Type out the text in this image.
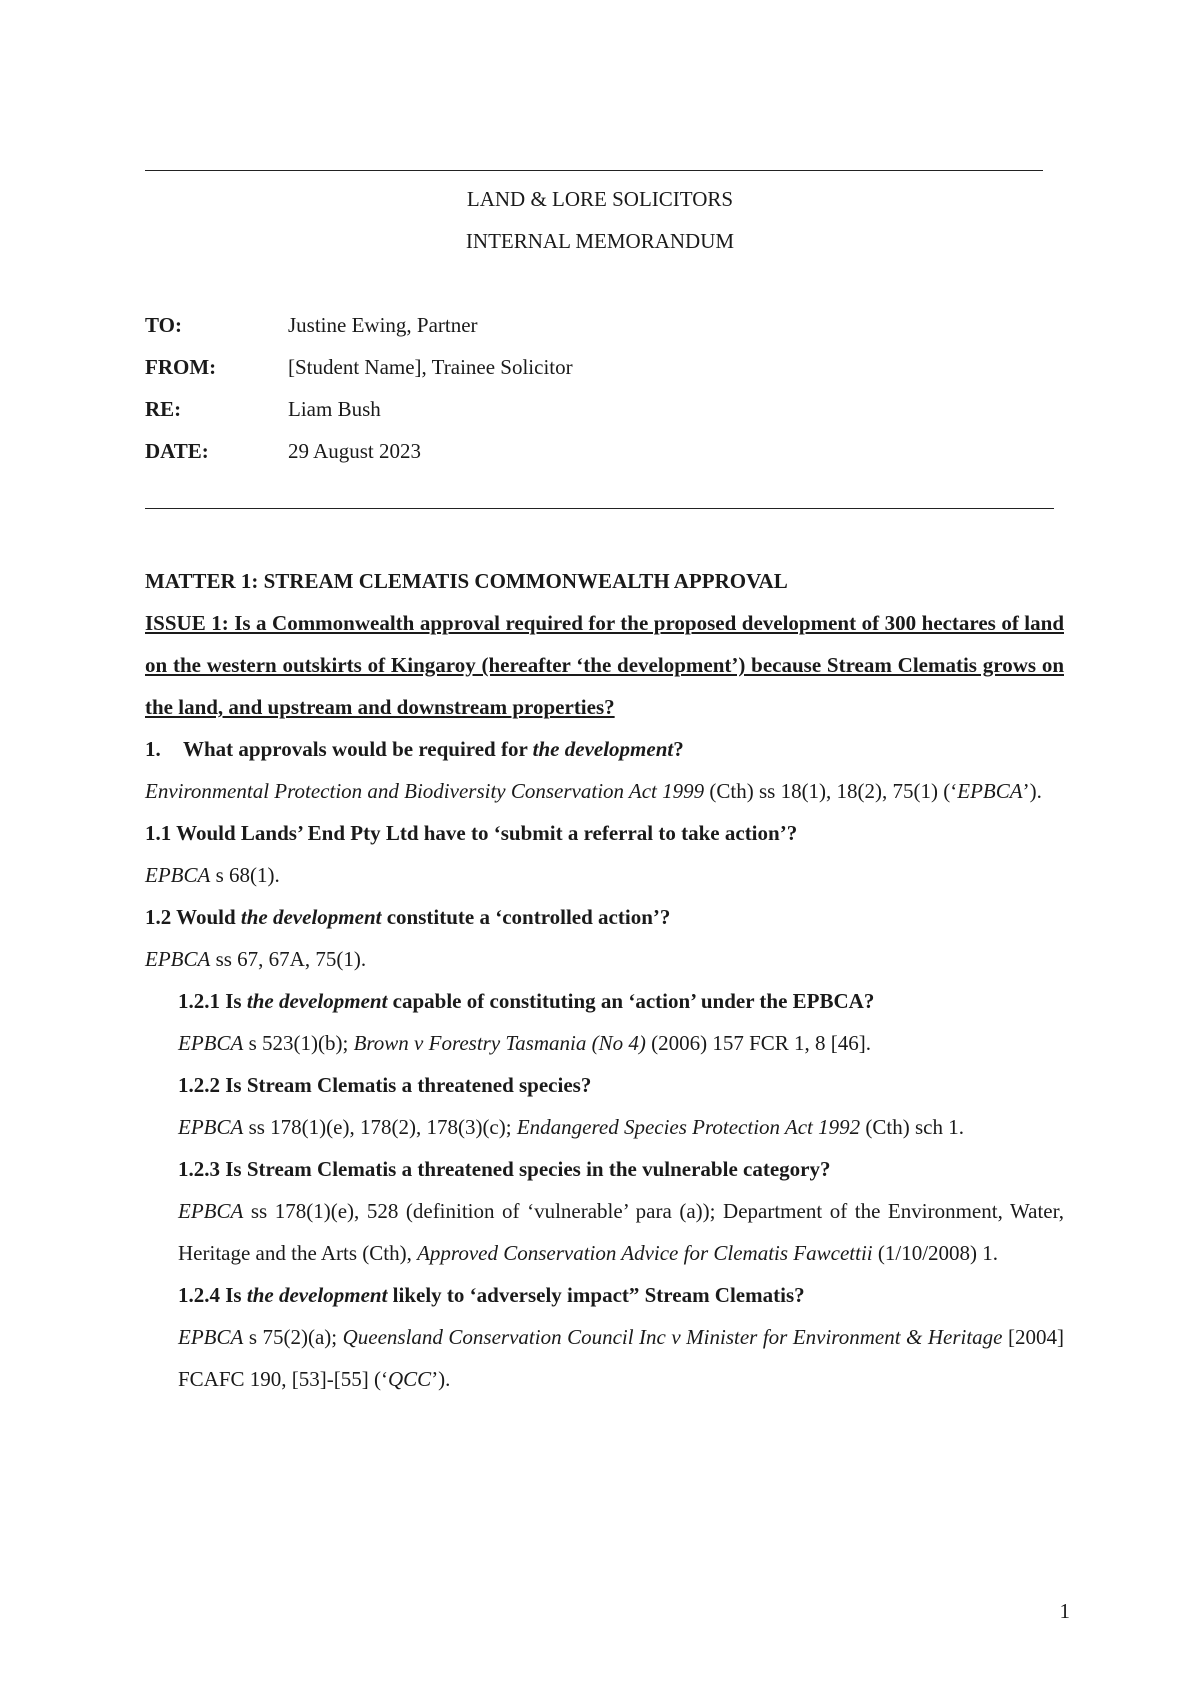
LAND & LORE SOLICITORS
INTERNAL MEMORANDUM
TO:	Justine Ewing, Partner
FROM:	[Student Name], Trainee Solicitor
RE:	Liam Bush
DATE:	29 August 2023

MATTER 1: STREAM CLEMATIS COMMONWEALTH APPROVAL

ISSUE 1: Is a Commonwealth approval required for the proposed development of 300 hectares of land on the western outskirts of Kingaroy (hereafter ‘the development’) because Stream Clematis grows on the land, and upstream and downstream properties?

1. What approvals would be required for the development?

Environmental Protection and Biodiversity Conservation Act 1999 (Cth) ss 18(1), 18(2), 75(1) (‘EPBCA’).

1.1 Would Lands’ End Pty Ltd have to ‘submit a referral to take action’?

EPBCA s 68(1).

1.2 Would the development constitute a ‘controlled action’?

EPBCA ss 67, 67A, 75(1).

1.2.1 Is the development capable of constituting an ‘action’ under the EPBCA?

EPBCA s 523(1)(b); Brown v Forestry Tasmania (No 4) (2006) 157 FCR 1, 8 [46].

1.2.2 Is Stream Clematis a threatened species?

EPBCA ss 178(1)(e), 178(2), 178(3)(c); Endangered Species Protection Act 1992 (Cth) sch 1.

1.2.3 Is Stream Clematis a threatened species in the vulnerable category?

EPBCA ss 178(1)(e), 528 (definition of ‘vulnerable’ para (a)); Department of the Environment, Water, Heritage and the Arts (Cth), Approved Conservation Advice for Clematis Fawcettii (1/10/2008) 1.

1.2.4 Is the development likely to ‘adversely impact” Stream Clematis?

EPBCA s 75(2)(a); Queensland Conservation Council Inc v Minister for Environment & Heritage [2004] FCAFC 190, [53]-[55] (‘QCC’).

1
